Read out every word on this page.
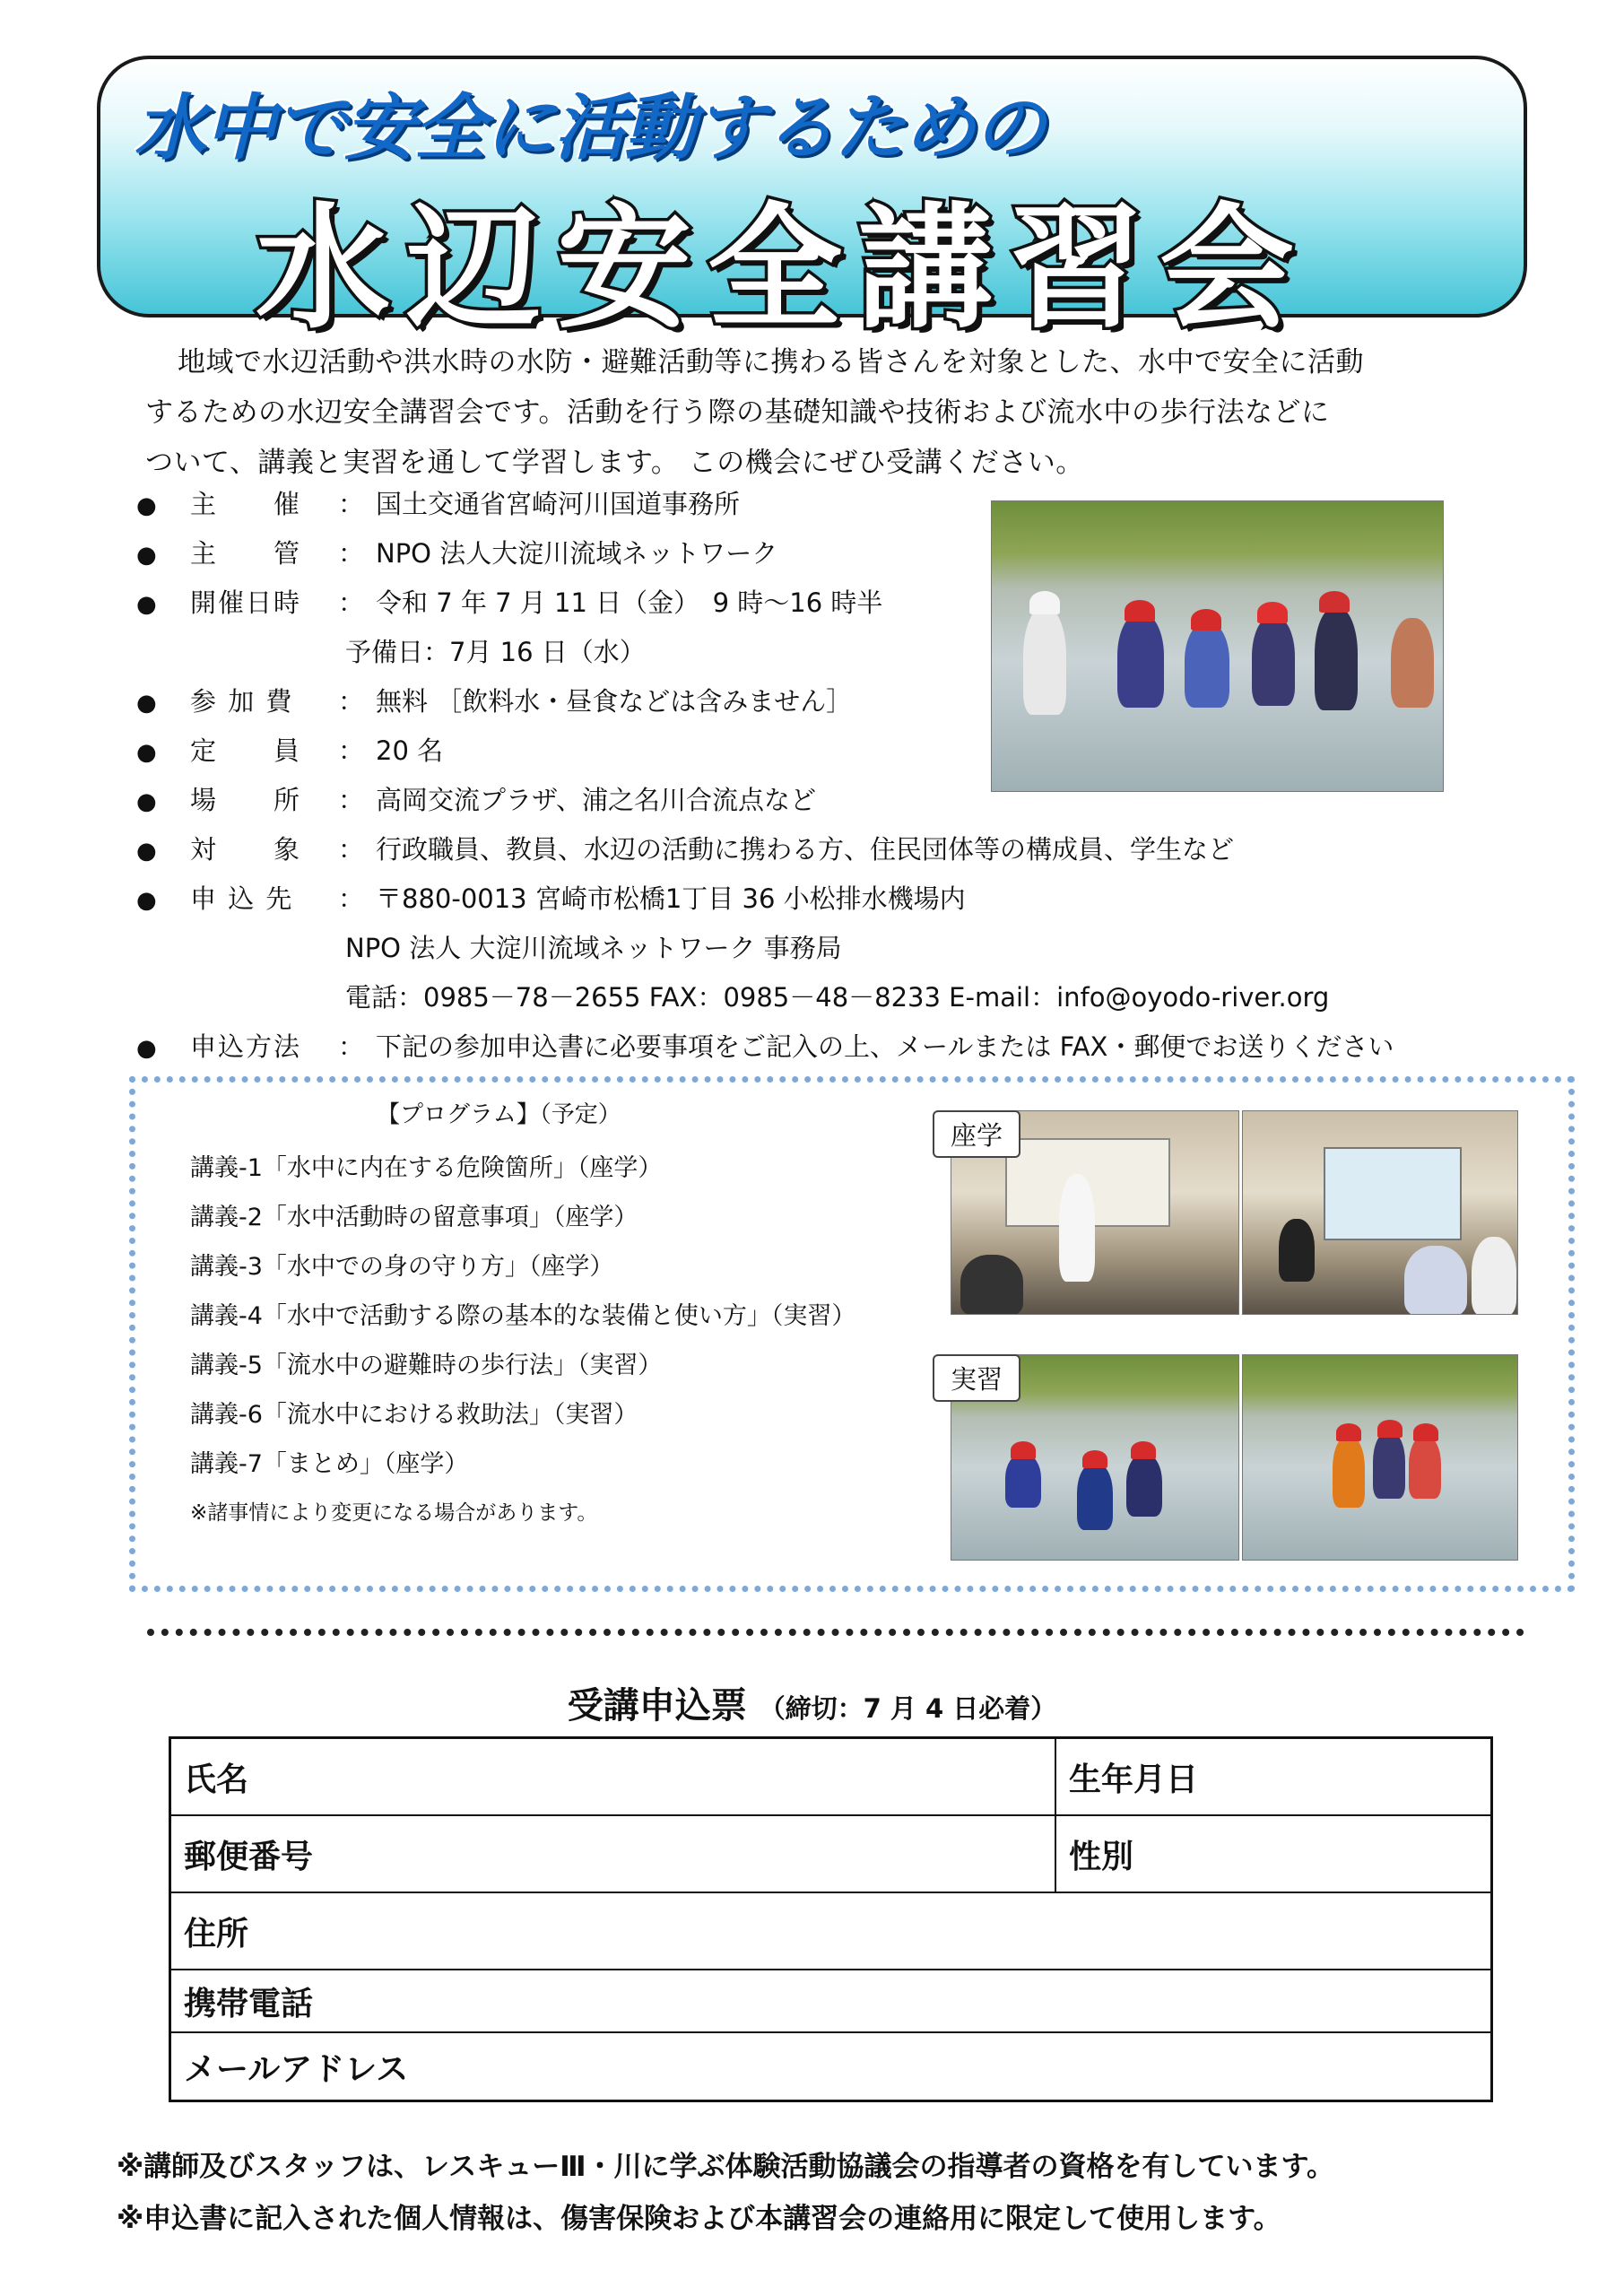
水中で安全に活動するための
水辺安全講習会
地域で水辺活動や洪水時の水防・避難活動等に携わる皆さんを対象とした、水中で安全に活動
するための水辺安全講習会です。活動を行う際の基礎知識や技術および流水中の歩行法などに
ついて、講義と実習を通して学習します。 この機会にぜひ受講ください。
● 主　　催 ： 国土交通省宮崎河川国道事務所
● 主　　管 ： NPO 法人大淀川流域ネットワーク
● 開催日時 ： 令和 7 年 7 月 11 日（金）　9 時～16 時半
予備日：7月 16 日（水）
● 参 加 費 ： 無料 ［飲料水・昼食などは含みません］
● 定　　員 ： 20 名
● 場　　所 ： 高岡交流プラザ、浦之名川合流点など
● 対　　象 ： 行政職員、教員、水辺の活動に携わる方、住民団体等の構成員、学生など
● 申 込 先 ： 〒880-0013 宮崎市松橋1丁目 36 小松排水機場内
NPO 法人 大淀川流域ネットワーク 事務局
電話：0985－78－2655 FAX：0985－48－8233 E-mail：info@oyodo-river.org
● 申込方法 ： 下記の参加申込書に必要事項をご記入の上、メールまたは FAX・郵便でお送りください
【プログラム】（予定）
講義-1「水中に内在する危険箇所」（座学）
講義-2「水中活動時の留意事項」（座学）
講義-3「水中での身の守り方」（座学）
講義-4「水中で活動する際の基本的な装備と使い方」（実習）
講義-5「流水中の避難時の歩行法」（実習）
講義-6「流水中における救助法」（実習）
講義-7「まとめ」（座学）
※諸事情により変更になる場合があります。
座学
実習
受講申込票 （締切：7 月 4 日必着）
氏名	生年月日
郵便番号	性別
住所
携帯電話
メールアドレス
※講師及びスタッフは、レスキューⅢ・川に学ぶ体験活動協議会の指導者の資格を有しています。
※申込書に記入された個人情報は、傷害保険および本講習会の連絡用に限定して使用します。
